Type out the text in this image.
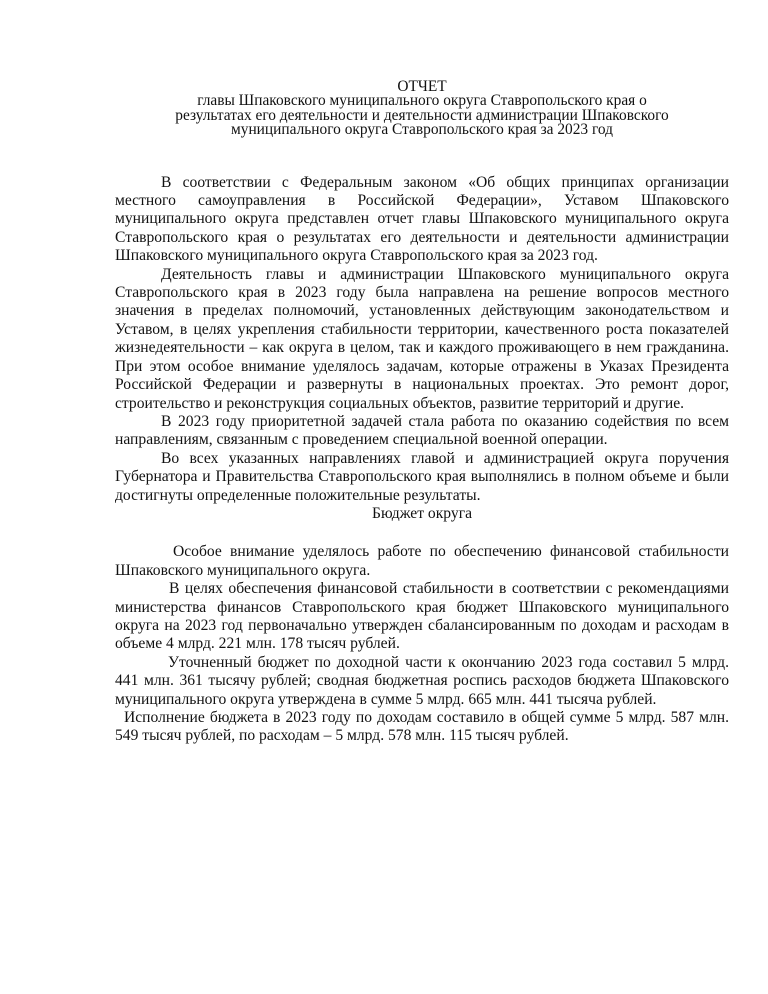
ОТЧЕТ
главы Шпаковского муниципального округа Ставропольского края о
результатах его деятельности и деятельности администрации Шпаковского
муниципального округа Ставропольского края за 2023 год

В соответствии с Федеральным законом «Об общих принципах организации местного самоуправления в Российской Федерации», Уставом Шпаковского муниципального округа представлен отчет главы Шпаковского муниципального округа Ставропольского края о результатах его деятельности и деятельности администрации Шпаковского муниципального округа Ставропольского края за 2023 год.

Деятельность главы и администрации Шпаковского муниципального округа Ставропольского края в 2023 году была направлена на решение вопросов местного значения в пределах полномочий, установленных действующим законодательством и Уставом, в целях укрепления стабильности территории, качественного роста показателей жизнедеятельности – как округа в целом, так и каждого проживающего в нем гражданина. При этом особое внимание уделялось задачам, которые отражены в Указах Президента Российской Федерации и развернуты в национальных проектах. Это ремонт дорог, строительство и реконструкция социальных объектов, развитие территорий и другие.

В 2023 году приоритетной задачей стала работа по оказанию содействия по всем направлениям, связанным с проведением специальной военной операции.

Во всех указанных направлениях главой и администрацией округа поручения Губернатора и Правительства Ставропольского края выполнялись в полном объеме и были достигнуты определенные положительные результаты.

Бюджет округа

Особое внимание уделялось работе по обеспечению финансовой стабильности Шпаковского муниципального округа.

В целях обеспечения финансовой стабильности в соответствии с рекомендациями министерства финансов Ставропольского края бюджет Шпаковского муниципального округа на 2023 год первоначально утвержден сбалансированным по доходам и расходам в объеме 4 млрд. 221 млн. 178 тысяч рублей.

Уточненный бюджет по доходной части к окончанию 2023 года составил 5 млрд. 441 млн. 361 тысячу рублей; сводная бюджетная роспись расходов бюджета Шпаковского муниципального округа утверждена в сумме 5 млрд. 665 млн. 441 тысяча рублей.

Исполнение бюджета в 2023 году по доходам составило в общей сумме 5 млрд. 587 млн. 549 тысяч рублей, по расходам – 5 млрд. 578 млн. 115 тысяч рублей.
